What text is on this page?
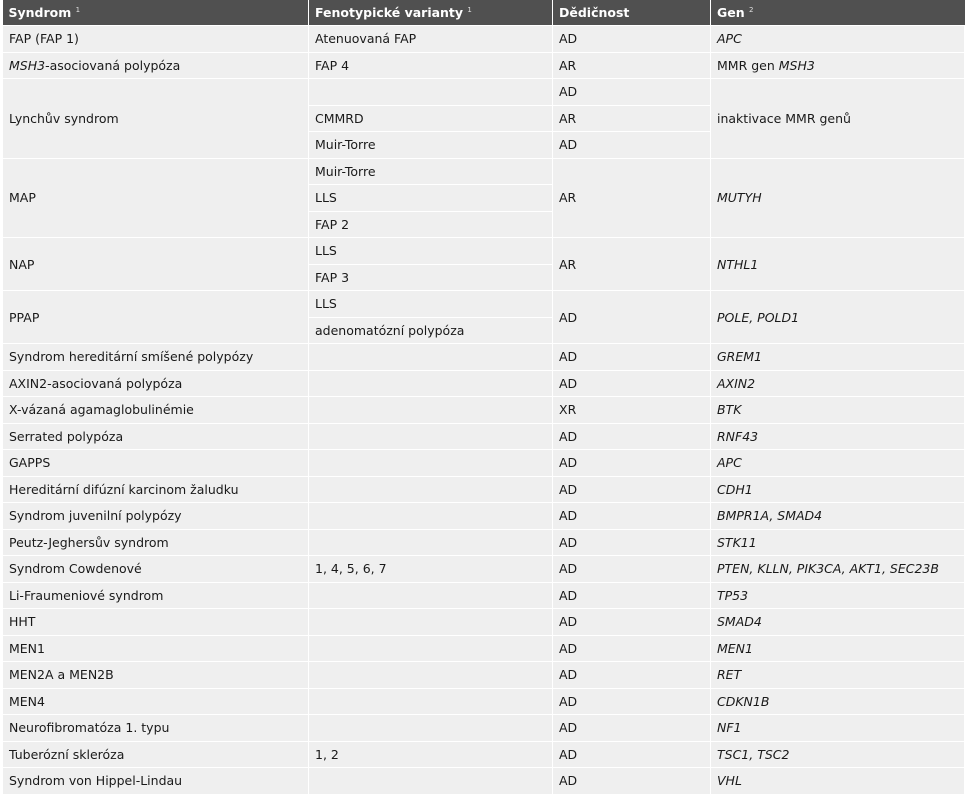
Syndrom $^1$	Fenotypické varianty $^1$	Dědičnost	Gen $^2$
FAP (FAP 1)	Atenuovaná FAP	AD	APC
MSH3-asociovaná polypóza	FAP 4	AR	MMR gen MSH3
Lynchův syndrom		AD	inaktivace MMR genů
	CMMRD	AR	
	Muir-Torre	AD	
MAP	Muir-Torre	AR	MUTYH
	LLS		
	FAP 2		
NAP	LLS	AR	NTHL1
	FAP 3		
PPAP	LLS	AD	POLE, POLD1
	adenomatózní polypóza		
Syndrom hereditární smíšené polypózy		AD	GREM1
AXIN2-asociovaná polypóza		AD	AXIN2
X-vázaná agamaglobulinémie		XR	BTK
Serrated polypóza		AD	RNF43
GAPPS		AD	APC
Hereditární difúzní karcinom žaludku		AD	CDH1
Syndrom juvenilní polypózy		AD	BMPR1A, SMAD4
Peutz-Jeghersův syndrom		AD	STK11
Syndrom Cowdenové	1, 4, 5, 6, 7	AD	PTEN, KLLN, PIK3CA, AKT1, SEC23B
Li-Fraumeniové syndrom		AD	TP53
HHT		AD	SMAD4
MEN1		AD	MEN1
MEN2A a MEN2B		AD	RET
MEN4		AD	CDKN1B
Neurofibromatóza 1. typu		AD	NF1
Tuberózní skleróza	1, 2	AD	TSC1, TSC2
Syndrom von Hippel-Lindau		AD	VHL
